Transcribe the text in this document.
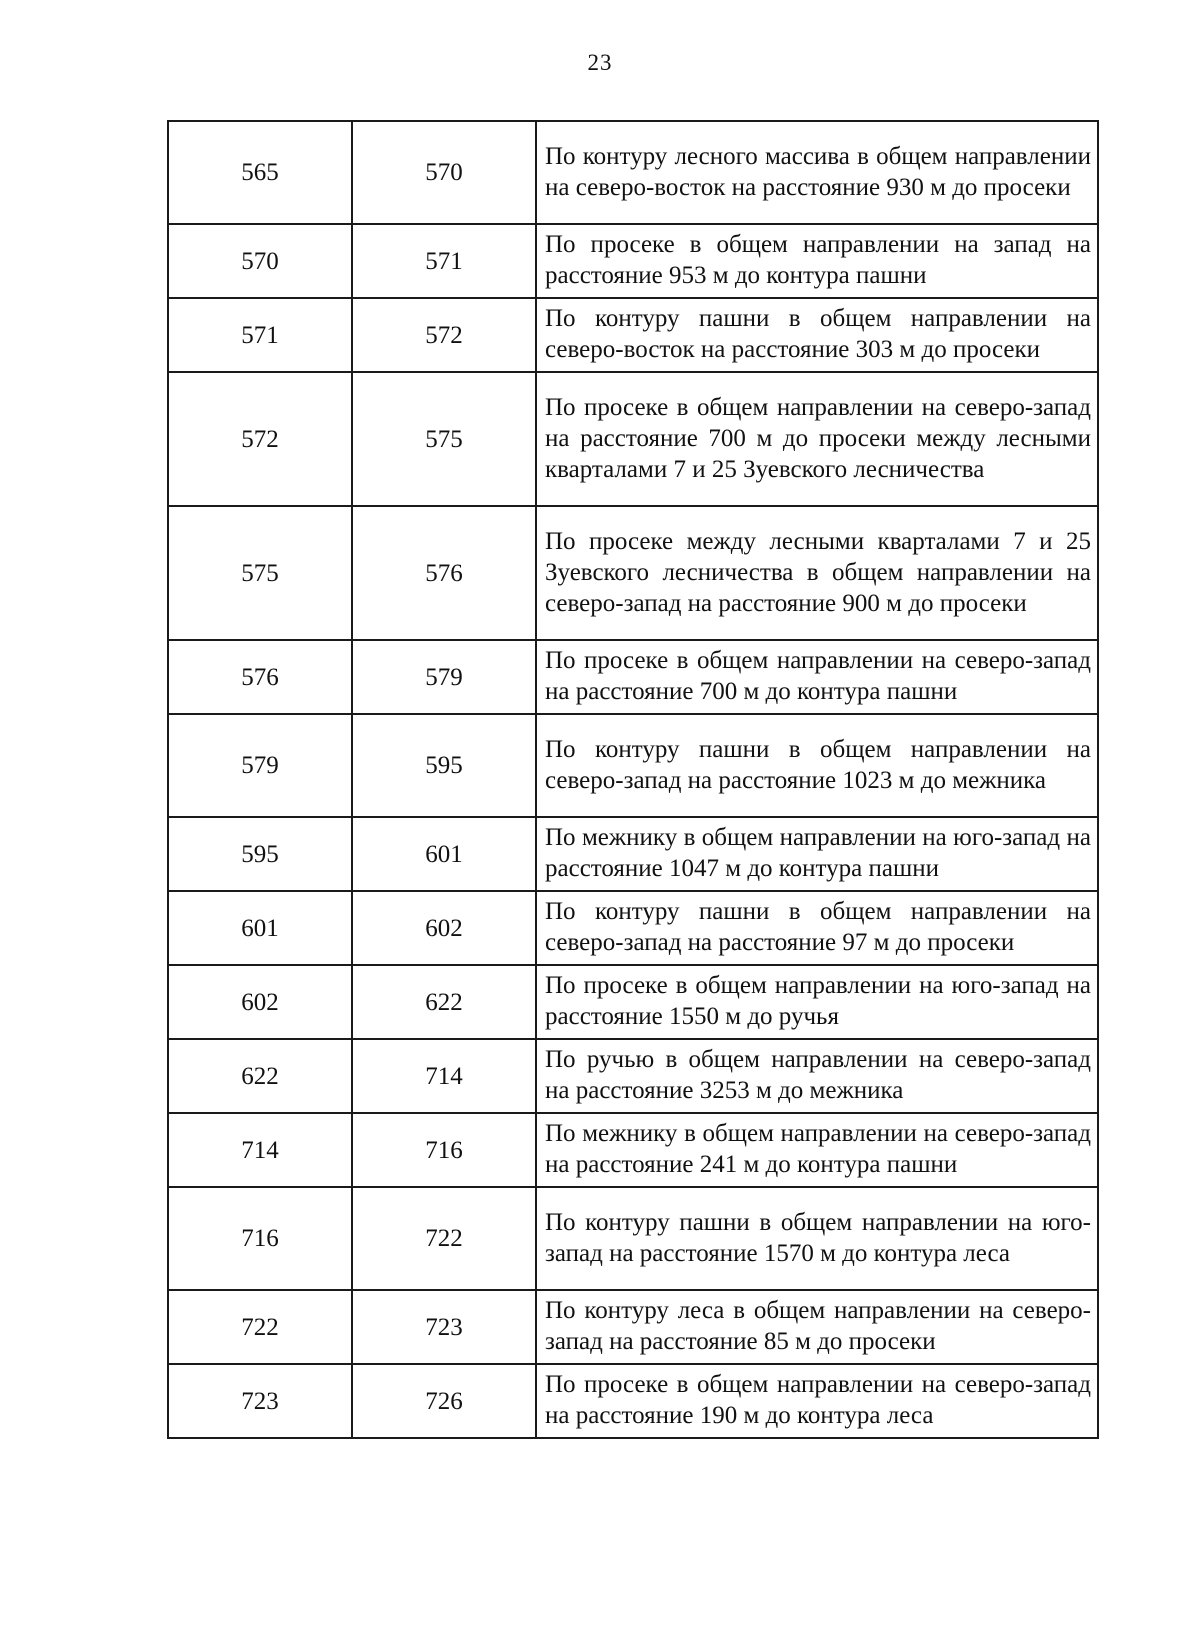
23
565	570	По контуру лесного массива в общем направлении на северо-восток на расстояние 930 м до просеки
570	571	По просеке в общем направлении на запад на расстояние 953 м до контура пашни
571	572	По контуру пашни в общем направлении на северо-восток на расстояние 303 м до просеки
572	575	По просеке в общем направлении на северо-запад на расстояние 700 м до просеки между лесными кварталами 7 и 25 Зуевского лесничества
575	576	По просеке между лесными кварталами 7 и 25 Зуевского лесничества в общем направлении на северо-запад на расстояние 900 м до просеки
576	579	По просеке в общем направлении на северо-запад на расстояние 700 м до контура пашни
579	595	По контуру пашни в общем направлении на северо-запад на расстояние 1023 м до межника
595	601	По межнику в общем направлении на юго-запад на расстояние 1047 м до контура пашни
601	602	По контуру пашни в общем направлении на северо-запад на расстояние 97 м до просеки
602	622	По просеке в общем направлении на юго-запад на расстояние 1550 м до ручья
622	714	По ручью в общем направлении на северо-запад на расстояние 3253 м до межника
714	716	По межнику в общем направлении на северо-запад на расстояние 241 м до контура пашни
716	722	По контуру пашни в общем направлении на юго-запад на расстояние 1570 м до контура леса
722	723	По контуру леса в общем направлении на северо-запад на расстояние 85 м до просеки
723	726	По просеке в общем направлении на северо-запад на расстояние 190 м до контура леса
